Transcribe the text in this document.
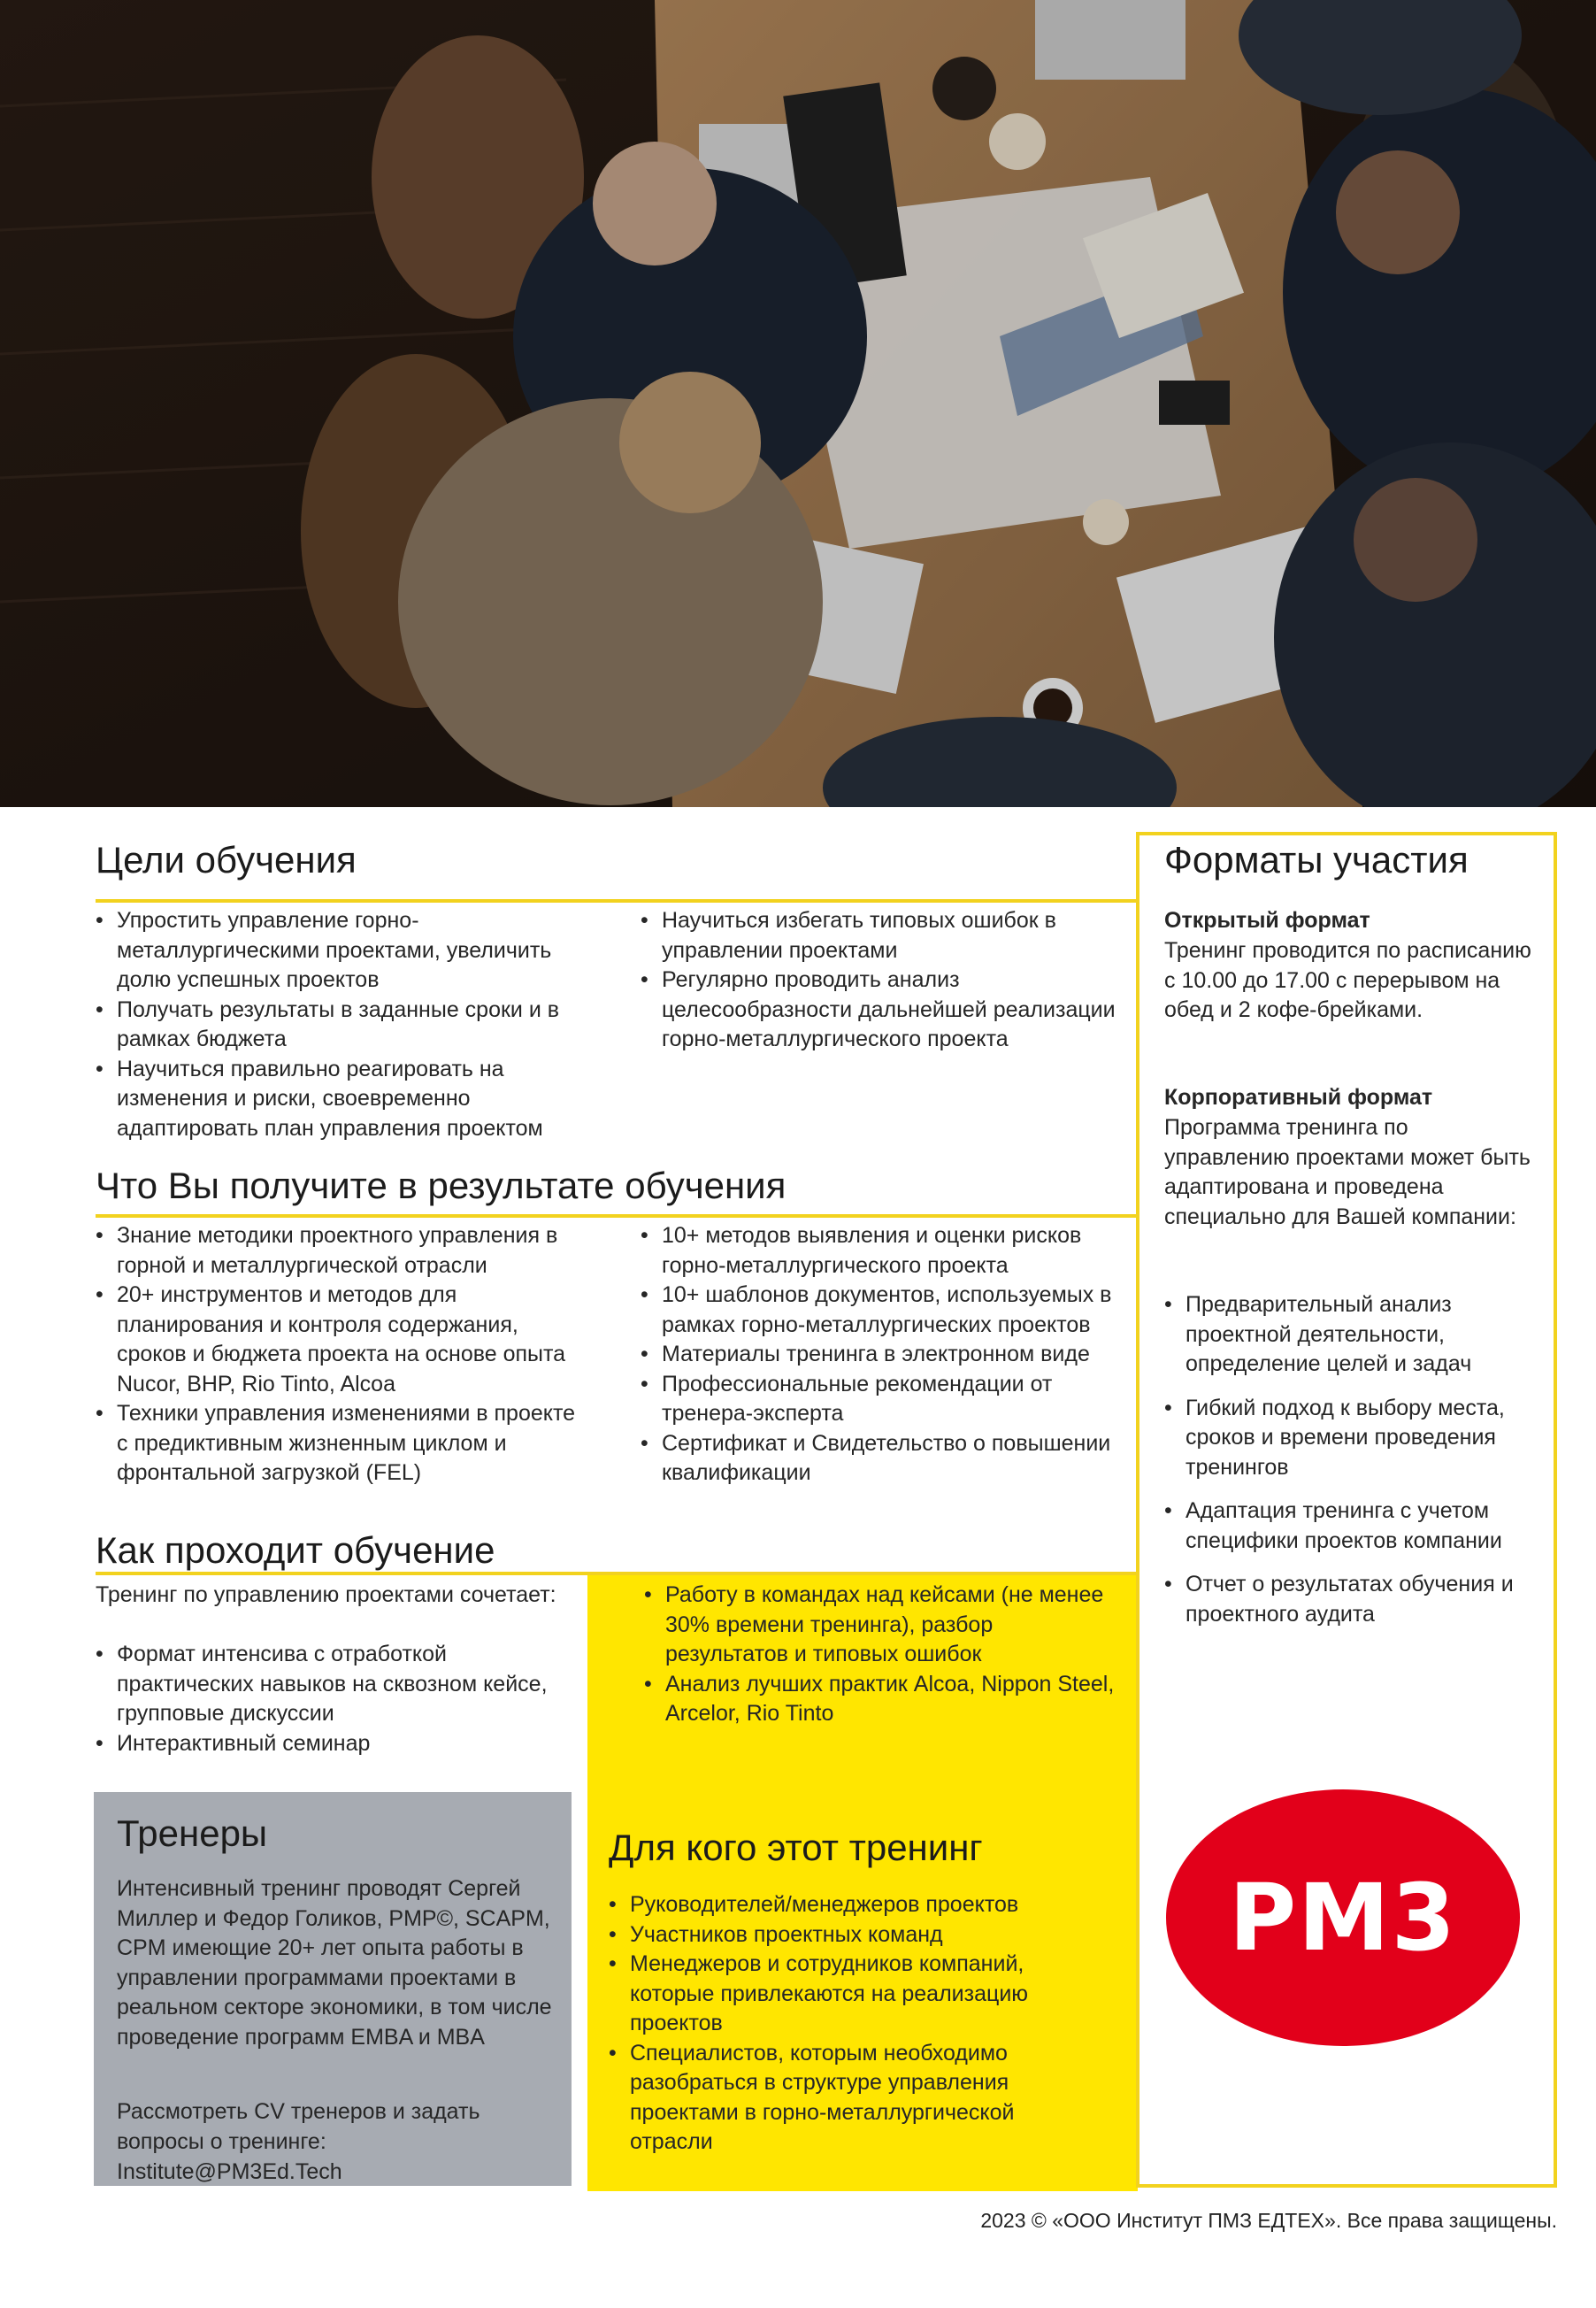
Цели обучения
• Упростить управление горно-металлургическими проектами, увеличить долю успешных проектов
• Получать результаты в заданные сроки и в рамках бюджета
• Научиться правильно реагировать на изменения и риски, своевременно адаптировать план управления проектом
• Научиться избегать типовых ошибок в управлении проектами
• Регулярно проводить анализ целесообразности дальнейшей реализации горно-металлургического проекта
Что Вы получите в результате обучения
• Знание методики проектного управления в горной и металлургической отрасли
• 20+ инструментов и методов для планирования и контроля содержания, сроков и бюджета проекта на основе опыта Nucor, BHP, Rio Tinto, Alcoa
• Техники управления изменениями в проекте с предиктивным жизненным циклом и фронтальной загрузкой (FEL)
• 10+ методов выявления и оценки рисков горно-металлургического проекта
• 10+ шаблонов документов, используемых в рамках горно-металлургических проектов
• Материалы тренинга в электронном виде
• Профессиональные рекомендации от тренера-эксперта
• Сертификат и Свидетельство о повышении квалификации
Как проходит обучение
Тренинг по управлению проектами сочетает:
• Формат интенсива с отработкой практических навыков на сквозном кейсе, групповые дискуссии
• Интерактивный семинар
• Работу в командах над кейсами (не менее 30% времени тренинга), разбор результатов и типовых ошибок
• Анализ лучших практик Alcoa, Nippon Steel, Arcelor, Rio Tinto
Тренеры
Интенсивный тренинг проводят Сергей Миллер и Федор Голиков, PMP©, SCAPM, CPM имеющие 20+ лет опыта работы в управлении программами проектами в реальном секторе экономики, в том числе проведение программ EMBA и MBA
Рассмотреть CV тренеров и задать вопросы о тренинге:
Institute@PM3Ed.Tech
Для кого этот тренинг
• Руководителей/менеджеров проектов
• Участников проектных команд
• Менеджеров и сотрудников компаний, которые привлекаются на реализацию проектов
• Специалистов, которым необходимо разобраться в структуре управления проектами в горно-металлургической отрасли
Форматы участия
Открытый формат
Тренинг проводится по расписанию с 10.00 до 17.00 с перерывом на обед и 2 кофе-брейками.
Корпоративный формат
Программа тренинга по управлению проектами может быть адаптирована и проведена специально для Вашей компании:
• Предварительный анализ проектной деятельности, определение целей и задач
• Гибкий подход к выбору места, сроков и времени проведения тренингов
• Адаптация тренинга с учетом специфики проектов компании
• Отчет о результатах обучения и проектного аудита
PM3
2023 © «ООО Институт ПМЗ ЕДТЕХ». Все права защищены.
